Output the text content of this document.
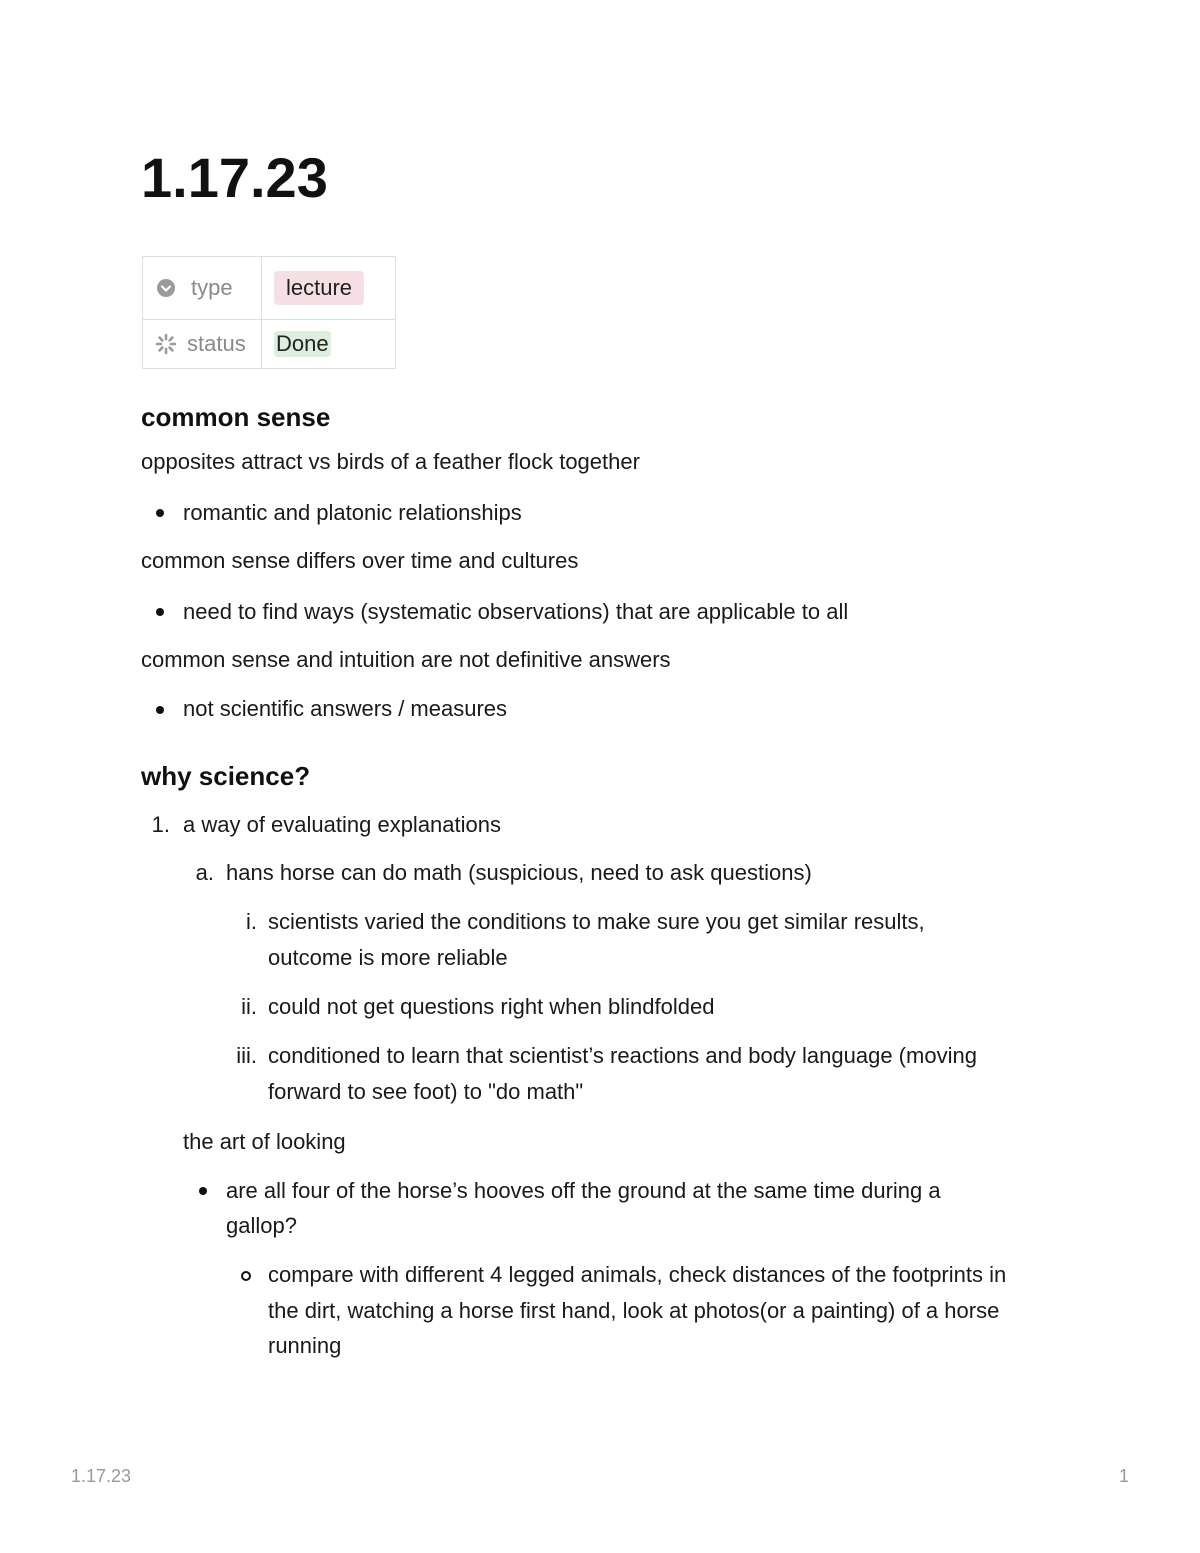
1.17.23
type	lecture

status	Done
common sense
opposites attract vs birds of a feather flock together
romantic and platonic relationships
common sense differs over time and cultures
need to find ways (systematic observations) that are applicable to all
common sense and intuition are not definitive answers
not scientific answers / measures
why science?
1. a way of evaluating explanations
a. hans horse can do math (suspicious, need to ask questions)
i. scientists varied the conditions to make sure you get similar results,
outcome is more reliable
ii. could not get questions right when blindfolded
iii. conditioned to learn that scientist’s reactions and body language (moving
forward to see foot) to "do math"
the art of looking
are all four of the horse’s hooves off the ground at the same time during a
gallop?
compare with different 4 legged animals, check distances of the footprints in
the dirt, watching a horse first hand, look at photos(or a painting) of a horse
running
1.17.23	1
